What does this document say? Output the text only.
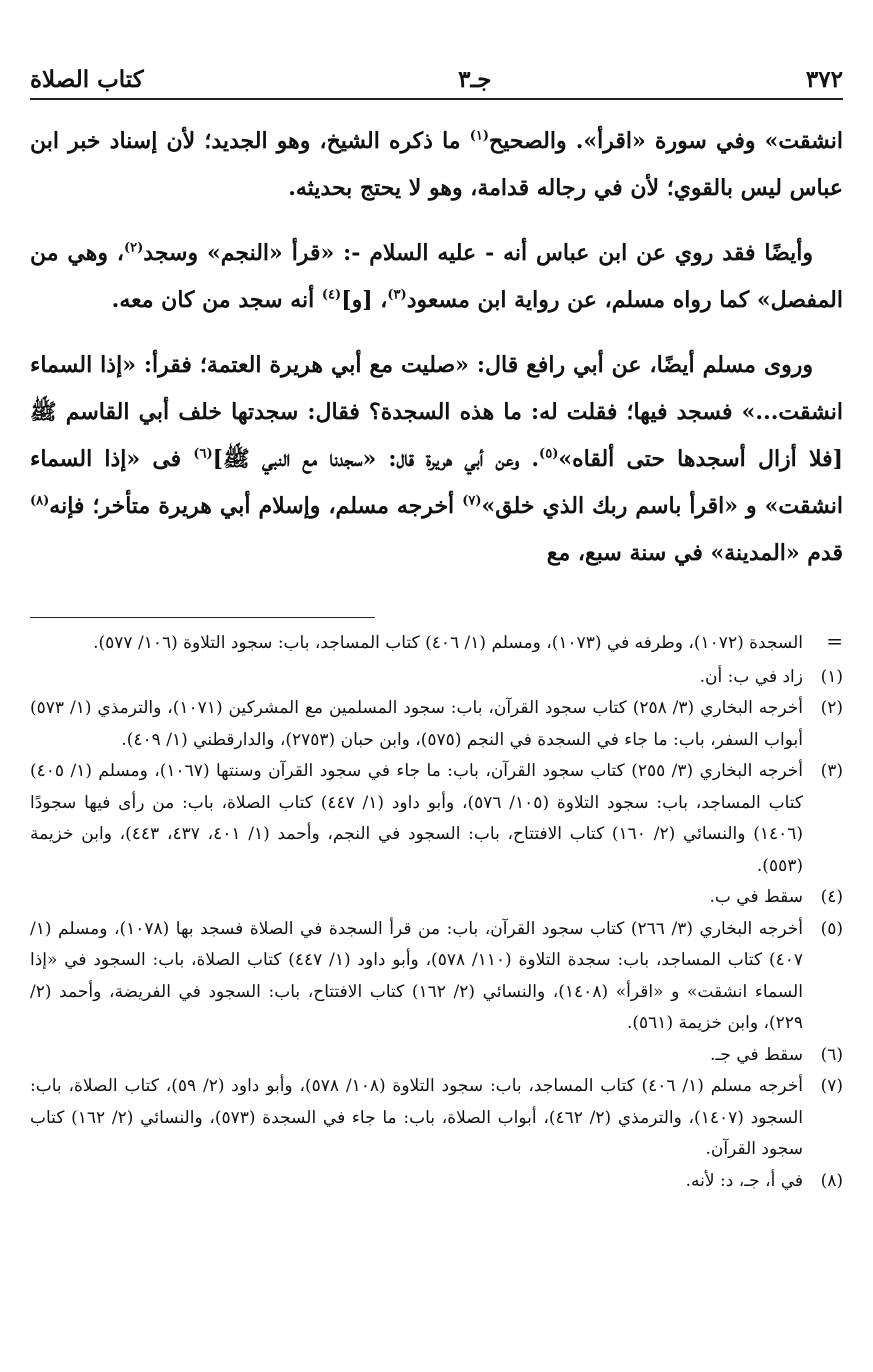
٣٧٢
جـ٣
كتاب الصلاة

انشقت» وفي سورة «اقرأ». والصحيح$^{(١)}$ ما ذكره الشيخ، وهو الجديد؛ لأن إسناد خبر ابن عباس ليس بالقوي؛ لأن في رجاله قدامة، وهو لا يحتج بحديثه.

وأيضًا فقد روي عن ابن عباس أنه - عليه السلام -: «قرأ «النجم» وسجد$^{(٢)}$، وهي من المفصل» كما رواه مسلم، عن رواية ابن مسعود$^{(٣)}$، [و]$^{(٤)}$ أنه سجد من كان معه.

وروى مسلم أيضًا، عن أبي رافع قال: «صليت مع أبي هريرة العتمة؛ فقرأ: «إذا السماء انشقت...» فسجد فيها؛ فقلت له: ما هذه السجدة؟ فقال: سجدتها خلف أبي القاسم ﷺ [فلا أزال أسجدها حتى ألقاه»$^{(٥)}$. وعن أبي هريرة قال: «سجدنا مع النبي ﷺ]$^{(٦)}$ فى «إذا السماء انشقت» و «اقرأ باسم ربك الذي خلق»$^{(٧)}$ أخرجه مسلم، وإسلام أبي هريرة متأخر؛ فإنه$^{(٨)}$ قدم «المدينة» في سنة سبع، مع

=
السجدة (١٠٧٢)، وطرفه في (١٠٧٣)، ومسلم (١/ ٤٠٦) كتاب المساجد، باب: سجود التلاوة (١٠٦/ ٥٧٧).
(١)
زاد في ب: أن.
(٢)
أخرجه البخاري (٣/ ٢٥٨) كتاب سجود القرآن، باب: سجود المسلمين مع المشركين (١٠٧١)، والترمذي (١/ ٥٧٣) أبواب السفر، باب: ما جاء في السجدة في النجم (٥٧٥)، وابن حبان (٢٧٥٣)، والدارقطني (١/ ٤٠٩).
(٣)
أخرجه البخاري (٣/ ٢٥٥) كتاب سجود القرآن، باب: ما جاء في سجود القرآن وسنتها (١٠٦٧)، ومسلم (١/ ٤٠٥) كتاب المساجد، باب: سجود التلاوة (١٠٥/ ٥٧٦)، وأبو داود (١/ ٤٤٧) كتاب الصلاة، باب: من رأى فيها سجودًا (١٤٠٦) والنسائي (٢/ ١٦٠) كتاب الافتتاح، باب: السجود في النجم، وأحمد (١/ ٤٠١، ٤٣٧، ٤٤٣)، وابن خزيمة (٥٥٣).
(٤)
سقط في ب.
(٥)
أخرجه البخاري (٣/ ٢٦٦) كتاب سجود القرآن، باب: من قرأ السجدة في الصلاة فسجد بها (١٠٧٨)، ومسلم (١/ ٤٠٧) كتاب المساجد، باب: سجدة التلاوة (١١٠/ ٥٧٨)، وأبو داود (١/ ٤٤٧) كتاب الصلاة، باب: السجود في «إذا السماء انشقت» و «اقرأ» (١٤٠٨)، والنسائي (٢/ ١٦٢) كتاب الافتتاح، باب: السجود في الفريضة، وأحمد (٢/ ٢٢٩)، وابن خزيمة (٥٦١).
(٦)
سقط في جـ.
(٧)
أخرجه مسلم (١/ ٤٠٦) كتاب المساجد، باب: سجود التلاوة (١٠٨/ ٥٧٨)، وأبو داود (٢/ ٥٩)، كتاب الصلاة، باب: السجود (١٤٠٧)، والترمذي (٢/ ٤٦٢)، أبواب الصلاة، باب: ما جاء في السجدة (٥٧٣)، والنسائي (٢/ ١٦٢) كتاب سجود القرآن.
(٨)
في أ، جـ، د: لأنه.
